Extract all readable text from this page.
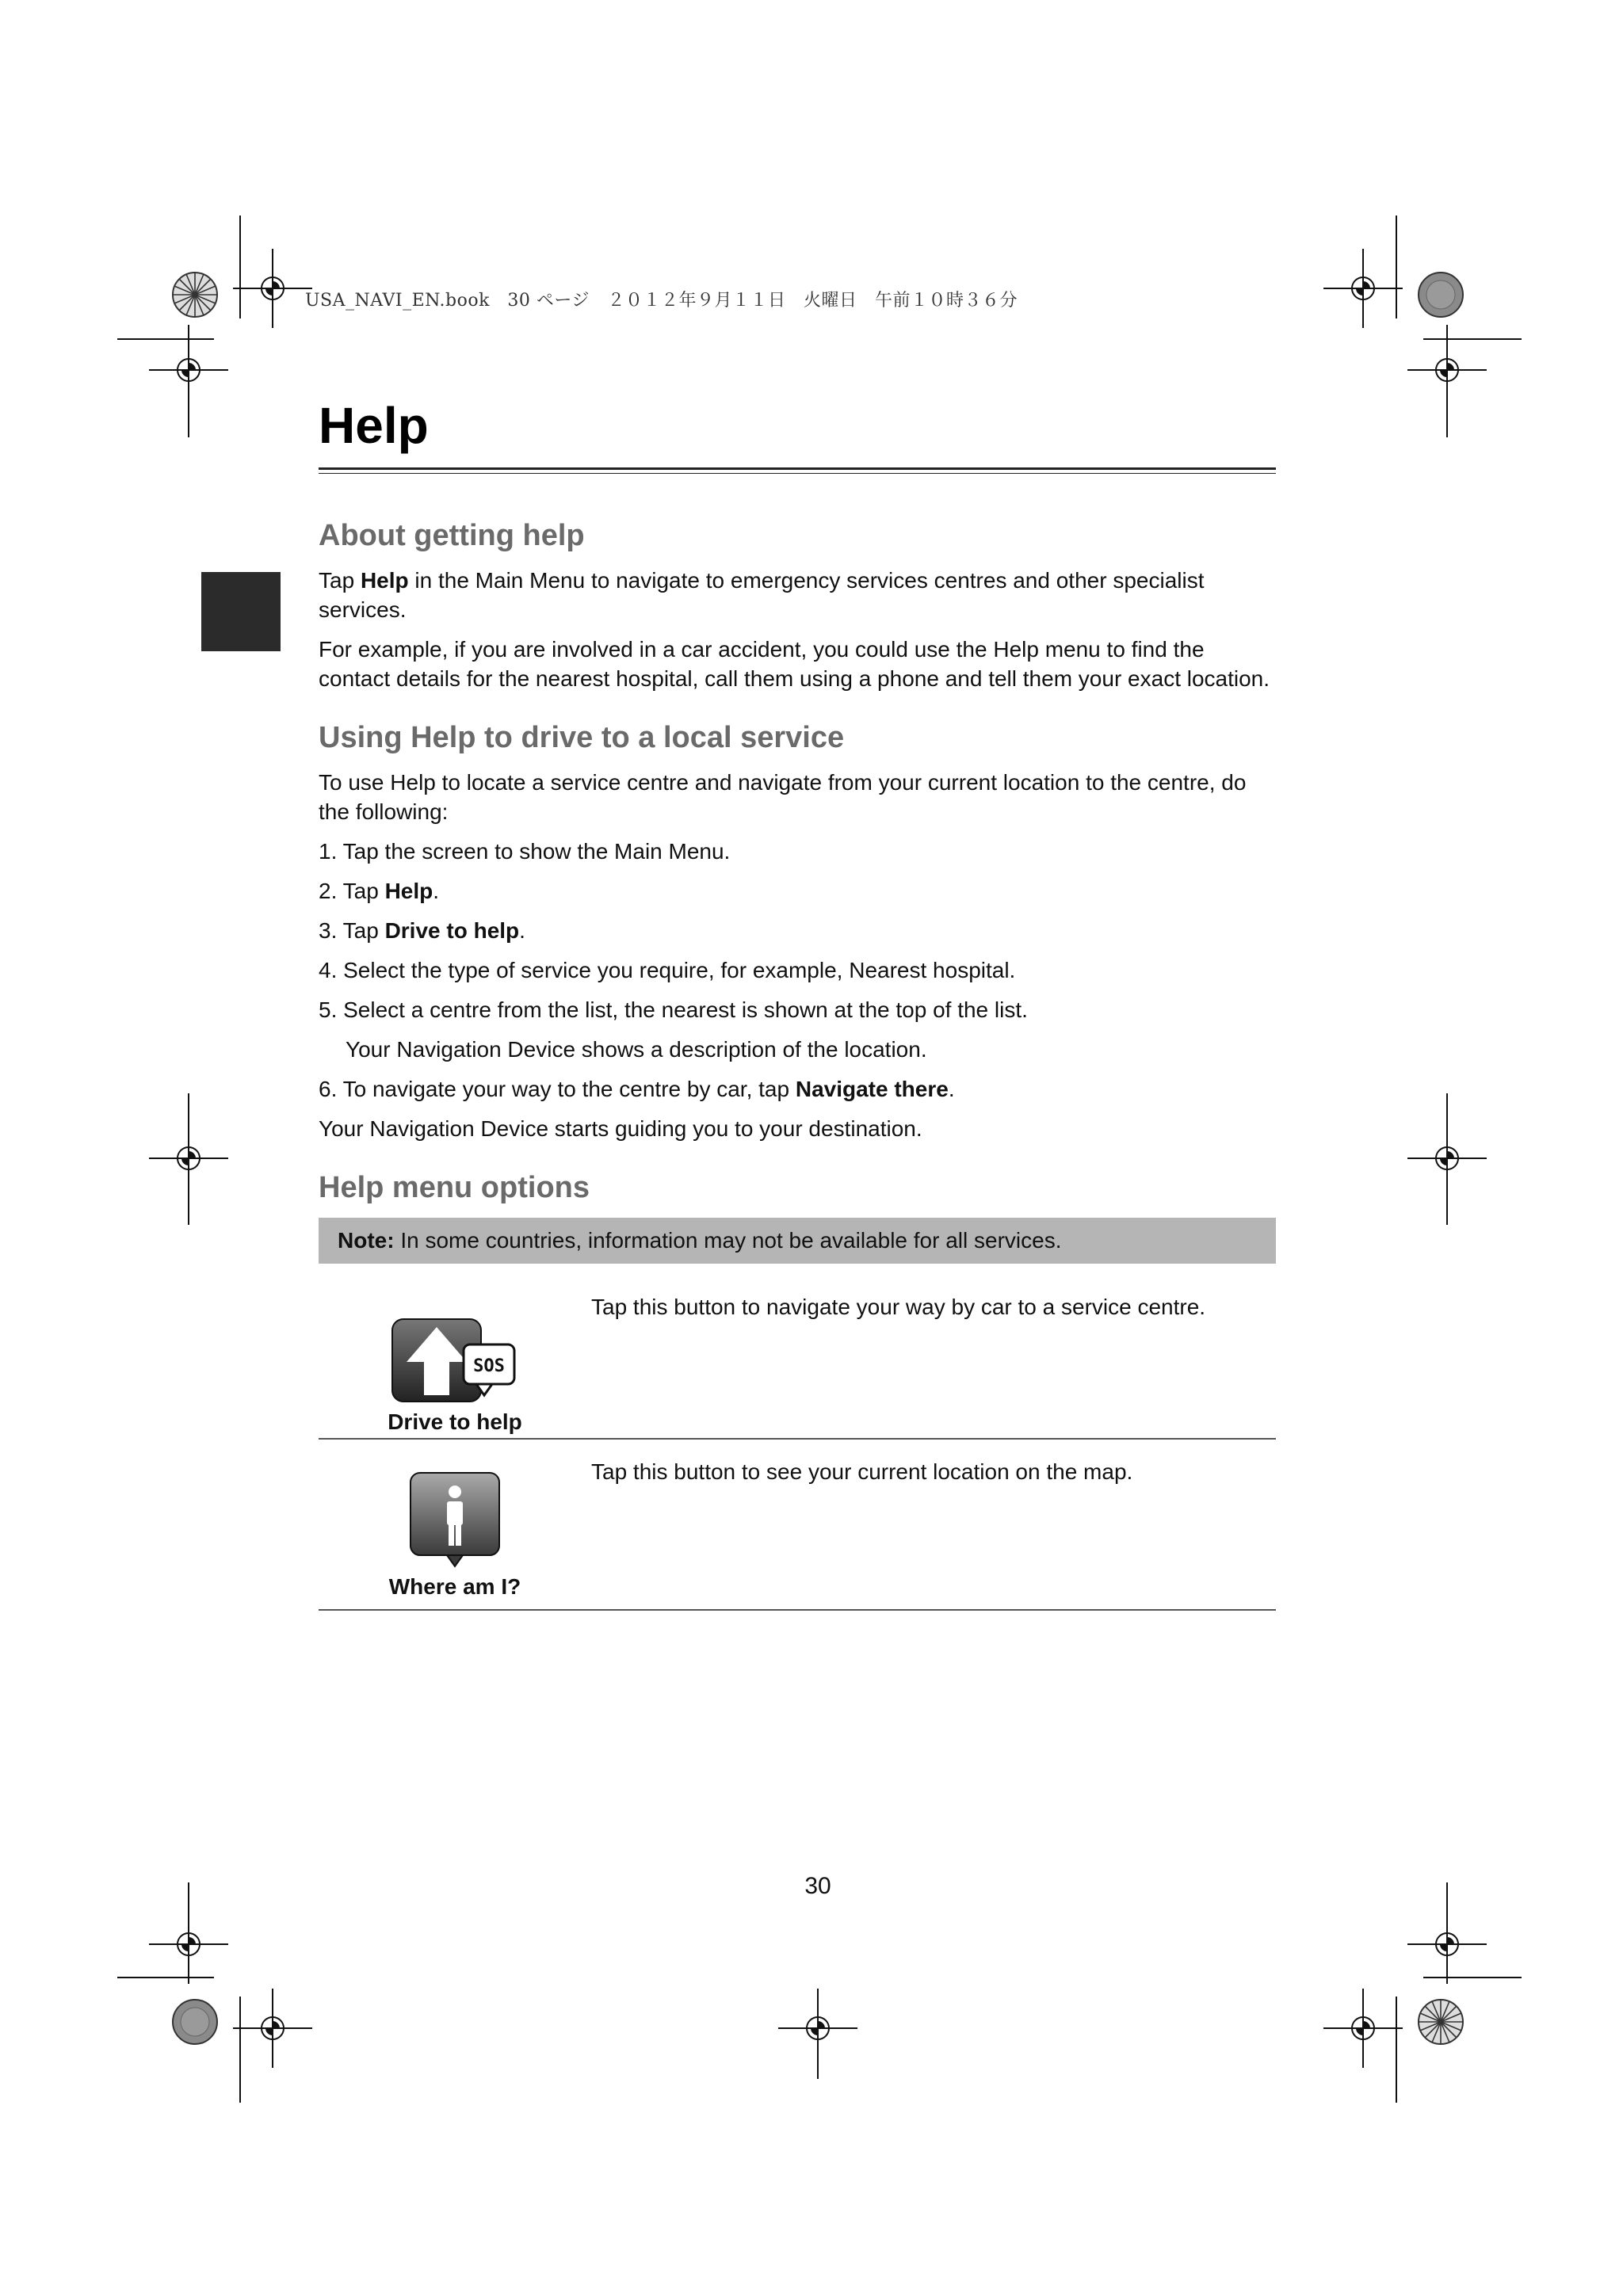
USA_NAVI_EN.book　30 ページ　２０１２年９月１１日　火曜日　午前１０時３６分
Help
About getting help

Tap Help in the Main Menu to navigate to emergency services centres and other specialist services.

For example, if you are involved in a car accident, you could use the Help menu to find the contact details for the nearest hospital, call them using a phone and tell them your exact location.

Using Help to drive to a local service

To use Help to locate a service centre and navigate from your current location to the centre, do the following:

1. Tap the screen to show the Main Menu.
2. Tap Help.
3. Tap Drive to help.
4. Select the type of service you require, for example, Nearest hospital.
5. Select a centre from the list, the nearest is shown at the top of the list.
Your Navigation Device shows a description of the location.
6. To navigate your way to the centre by car, tap Navigate there.

Your Navigation Device starts guiding you to your destination.

Help menu options
Note: In some countries, information may not be available for all services.
SOS
Drive to help	Tap this button to navigate your way by car to a service centre.

Where am I?	Tap this button to see your current location on the map.
30
